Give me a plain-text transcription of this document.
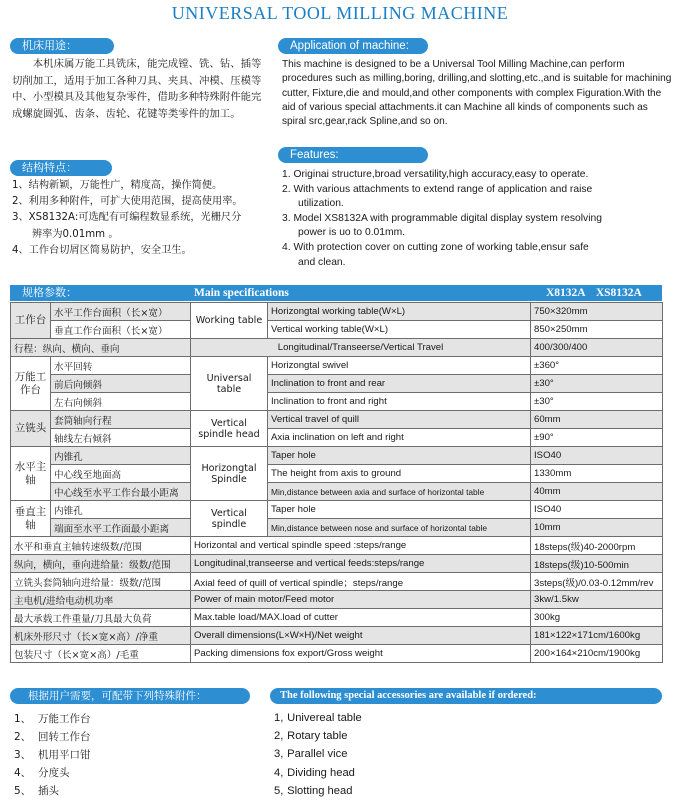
UNIVERSAL TOOL MILLING MACHINE
机床用途：	Application of machine:
本机床属万能工具铣床，能完成镗、铣、钻、插等切削加工，适用于加工各种刀具、夹具、冲模、压模等中、小型模具及其他复杂零件，借助多种特殊附件能完成螺旋圆弧、齿条、齿轮、花键等类零件的加工。
This machine is designed to be a Universal Tool Milling Machine,can perform procedures such as milling,boring, drilling,and slotting,etc.,and is suitable for machining cutter, Fixture,die and mould,and other components with complex Figuration.With the aid of various special attachments.it can Machine all kinds of components such as spiral src,gear,rack Spline,and so on.
结构特点：
Features:
1、结构新颖，万能性广，精度高，操作简便。
2、利用多种附件，可扩大使用范围，提高使用率。
3、XS8132A:可选配有可编程数显系统，光栅尺分
辨率为0.01mm 。
4、工作台切屑区简易防护，安全卫生。
1. Originai structure,broad versatility,high accuracy,easy to operate.
2. With various attachments to extend range of application and raise
utilization.
3. Model XS8132A with programmable digital display system resolving
power is uo to 0.01mm.
4. With protection cover on cutting zone of working table,ensur safe
and clean.
规格参数：	Main specifications	X8132A XS8132A
工作台	水平工作台面积（长×宽）	Working table	Horizongtal working table(W×L)	750×320mm
	垂直工作台面积（长×宽）		Vertical working table(W×L)	850×250mm
行程：纵向、横向、垂向		Longitudinal/Transeerse/Vertical Travel		400/300/400
万能工作台	水平回转	Universal table	Horizongtal swivel	±360°
	前后向倾斜		Inclination to front and rear	±30°
	左右向倾斜		Inclination to front and right	±30°
立铣头	套筒轴向行程	Vertical spindle head	Vertical travel of quill	60mm
	轴线左右倾斜		Axia inclination on left and right	±90°
水平主轴	内锥孔	Horizongtal Spindle	Taper hole	ISO40
	中心线至地面高		The height from axis to ground	1330mm
	中心线至水平工作台最小距离		Min,distance between axia and surface of horizontal table	40mm
垂直主轴	内锥孔	Vertical spindle	Taper hole	ISO40
	端面至水平工作面最小距离		Min,distance between nose and surface of horizontal table	10mm
水平和垂直主轴转速级数/范围		Horizontal and vertical spindle speed :steps/range		18steps(级)40-2000rpm
纵向，横向，垂向进给量：级数/范围		Longitudinal,transeerse and vertical feeds:steps/range		18steps(级)10-500min
立铣头套筒轴向进给量：级数/范围		Axial feed of quill of vertical spindle；steps/range		3steps(级)/0.03-0.12mm/rev
主电机/进给电动机功率		Power of main motor/Feed motor		3kw/1.5kw
最大承载工件重量/刀具最大负荷		Max.table load/MAX.load of cutter		300kg
机床外形尺寸（长×宽×高）/净重		Overall dimensions(L×W×H)/Net weight		181×122×171cm/1600kg
包装尺寸（长×宽×高）/毛重		Packing dimensions fox export/Gross weight		200×164×210cm/1900kg
根据用户需要，可配带下列特殊附件：	The following special accessories are available if ordered:
1、 万能工作台
2、 回转工作台
3、 机用平口钳
4、 分度头
5、 插头
1, Univereal table
2, Rotary table
3, Parallel vice
4, Dividing head
5, Slotting head
